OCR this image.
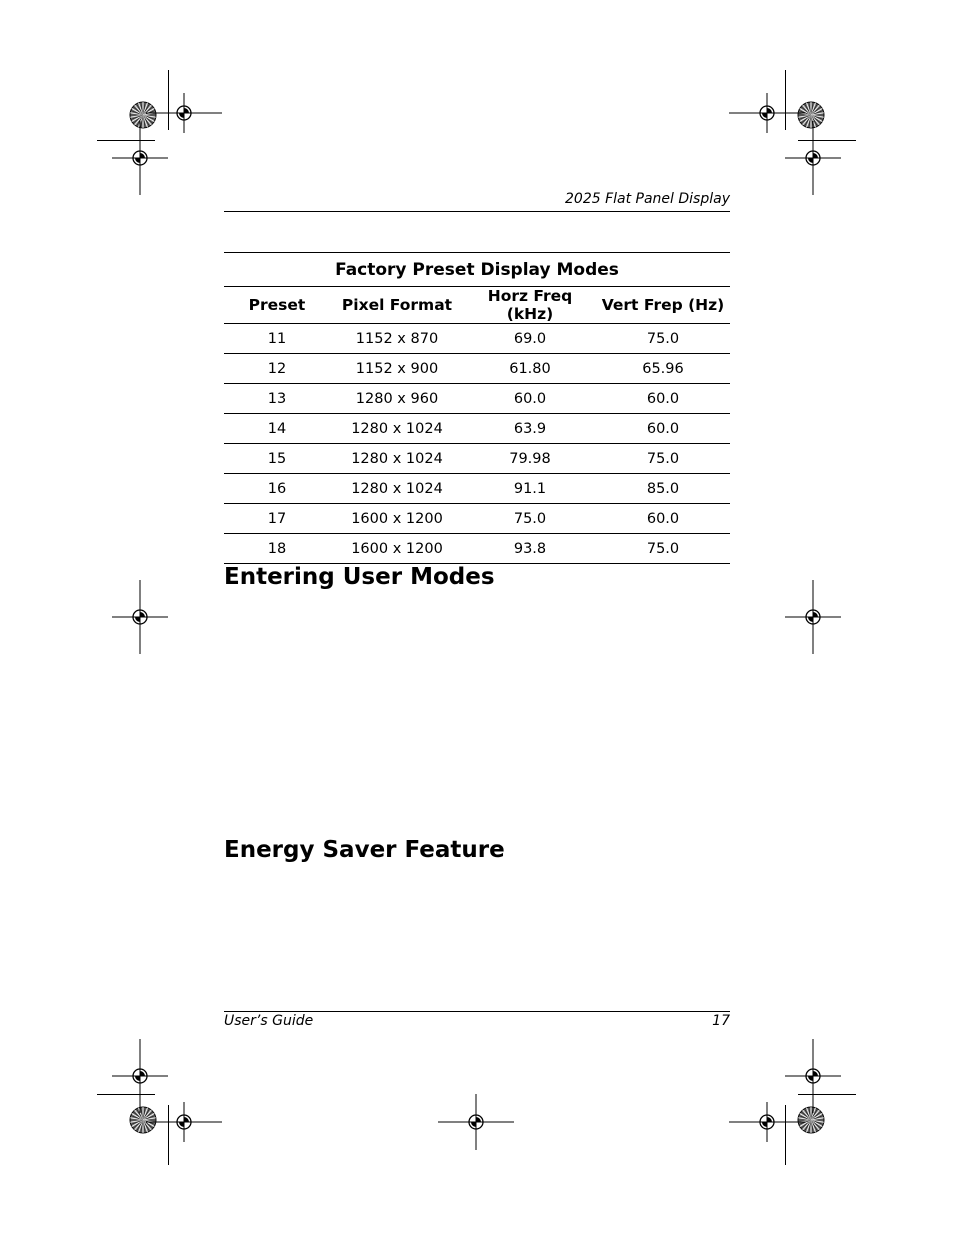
2025 Flat Panel Display
Factory Preset Display Modes			
Preset	Pixel Format	Horz Freq (kHz)	Vert Frep (Hz)
11	1152 x 870	69.0	75.0
12	1152 x 900	61.80	65.96
13	1280 x 960	60.0	60.0
14	1280 x 1024	63.9	60.0
15	1280 x 1024	79.98	75.0
16	1280 x 1024	91.1	85.0
17	1600 x 1200	75.0	60.0
18	1600 x 1200	93.8	75.0
Entering User Modes
Energy Saver Feature
User’s Guide	17
